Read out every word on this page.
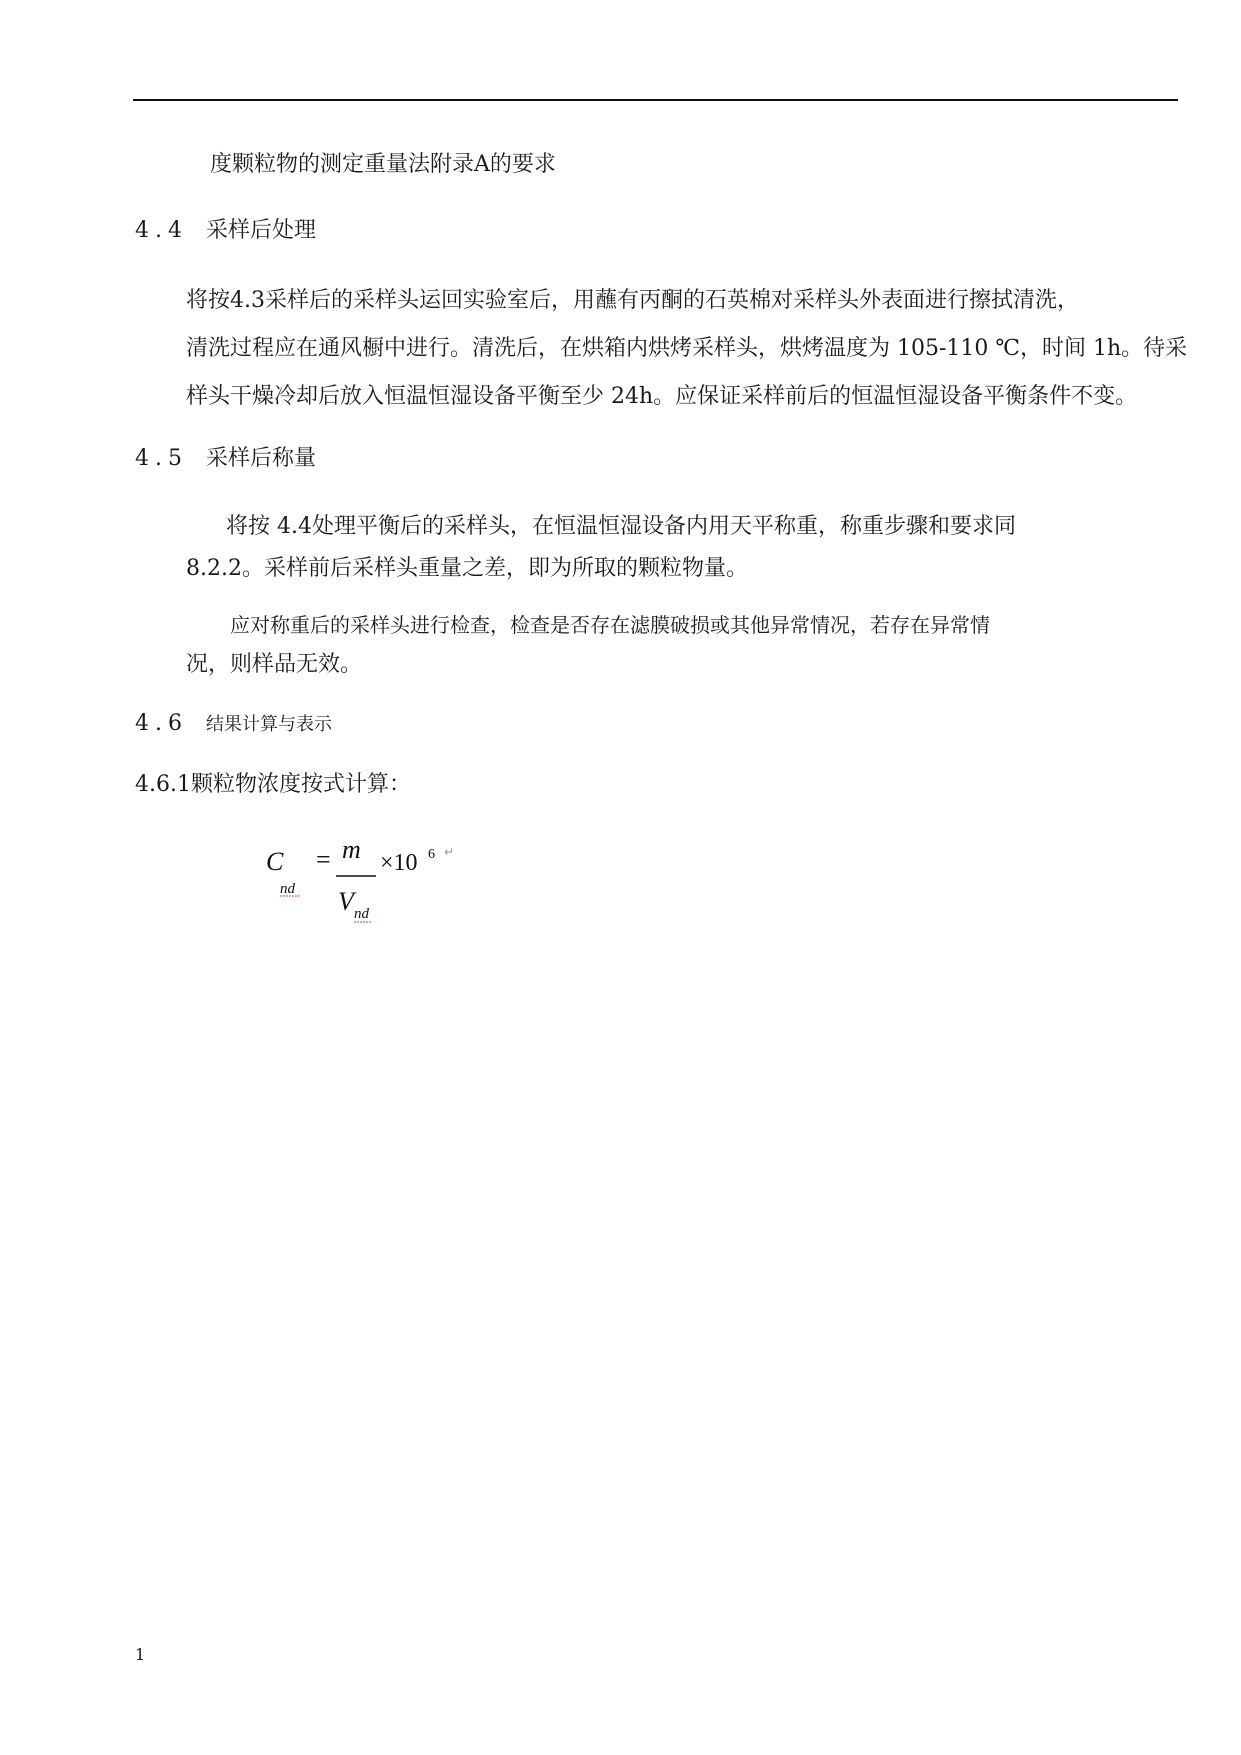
度颗粒物的测定重量法附录A的要求
4.4 采样后处理
将按4.3采样后的采样头运回实验室后，用蘸有丙酮的石英棉对采样头外表面进行擦拭清洗，
清洗过程应在通风橱中进行。清洗后，在烘箱内烘烤采样头，烘烤温度为 105-110 ℃，时间 1h。待采
样头干燥冷却后放入恒温恒湿设备平衡至少 24h。应保证采样前后的恒温恒湿设备平衡条件不变。
4.5 采样后称量
将按 4.4处理平衡后的采样头，在恒温恒湿设备内用天平称重，称重步骤和要求同
8.2.2。采样前后采样头重量之差，即为所取的颗粒物量。
应对称重后的采样头进行检查，检查是否存在滤膜破损或其他异常情况，若存在异常情
况，则样品无效。
4.6 结果计算与表示
4.6.1颗粒物浓度按式计算：
C
nd
= m
V nd
×10 6 ↵
1
